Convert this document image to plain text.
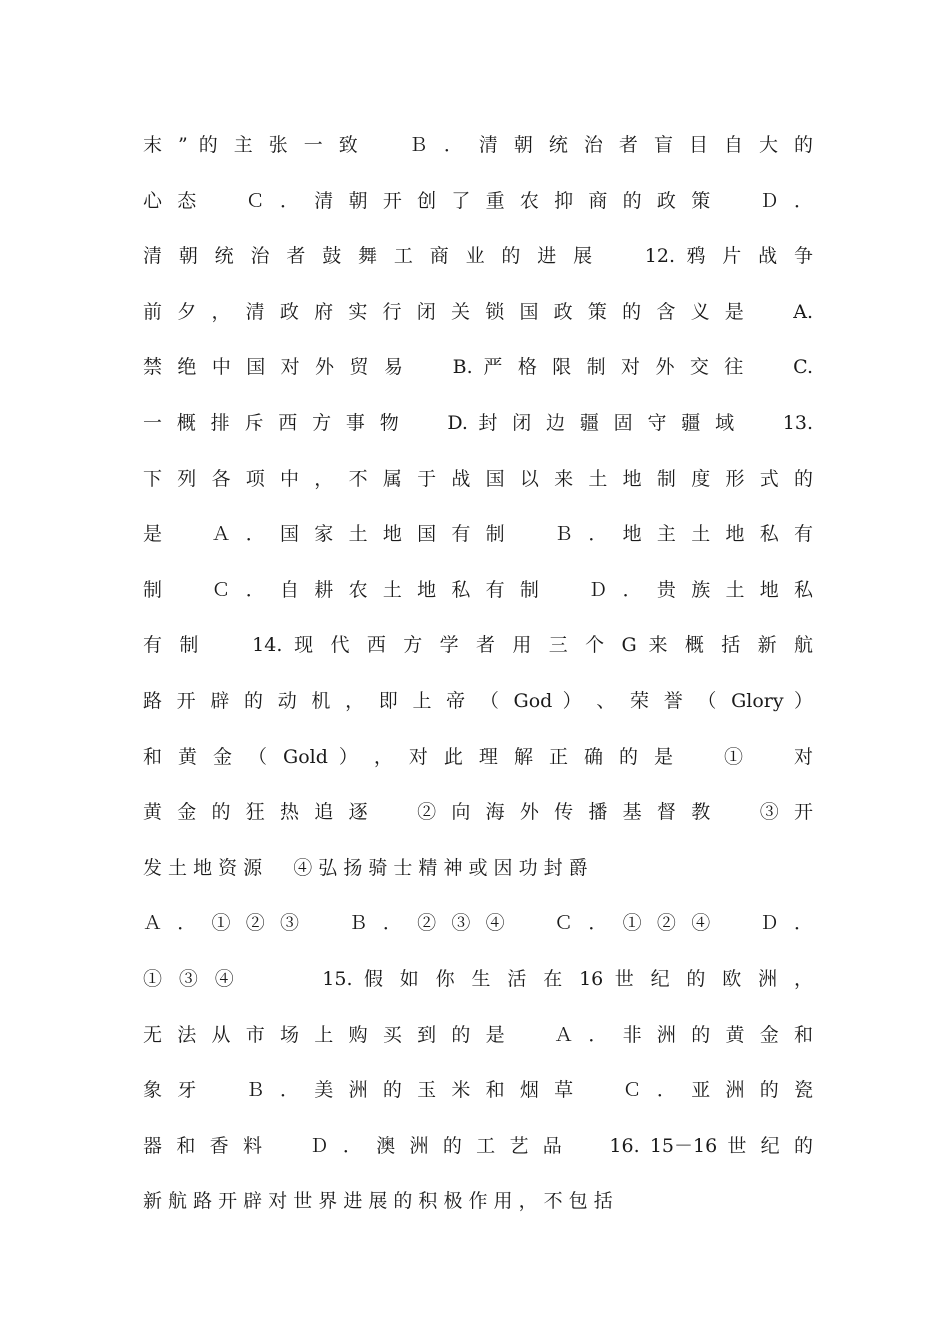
末 ” 的 主 张 一 致 　 Ｂ ． 清 朝 统 治 者 盲 目 自 大 的
心 态 　 Ｃ ． 清 朝 开 创 了 重 农 抑 商 的 政 策 　 Ｄ ．
清 朝 统 治 者 鼓 舞 工 商 业 的 进 展 　 12. 鸦 片 战 争
前 夕 ， 清 政 府 实 行 闭 关 锁 国 政 策 的 含 义 是 　 A.
禁 绝 中 国 对 外 贸 易 　 B. 严 格 限 制 对 外 交 往 　 C.
一 概 排 斥 西 方 事 物 　 D. 封 闭 边 疆 固 守 疆 域 　 13.
下 列 各 项 中 ， 不 属 于 战 国 以 来 土 地 制 度 形 式 的
是 　 Ａ ． 国 家 土 地 国 有 制 　 Ｂ ． 地 主 土 地 私 有
制 　 Ｃ ． 自 耕 农 土 地 私 有 制 　 Ｄ ． 贵 族 土 地 私
有 制 　 14. 现 代 西 方 学 者 用 三 个 G 来 概 括 新 航
路 开 辟 的 动 机 ， 即 上 帝 （ God ） 、 荣 誉 （ Glory ）
和 黄 金 （ Gold ） ， 对 此 理 解 正 确 的 是 　 ① 　 对
黄 金 的 狂 热 追 逐 　 ② 向 海 外 传 播 基 督 教 　 ③ 开
发 土 地 资 源 　 ④ 弘 扬 骑 士 精 神 或 因 功 封 爵
Ａ ． ① ② ③ 　 Ｂ ． ② ③ ④ 　 Ｃ ． ① ② ④ 　 Ｄ ．
① ③ ④ 　 　 15. 假 如 你 生 活 在 16 世 纪 的 欧 洲 ，
无 法 从 市 场 上 购 买 到 的 是 　 Ａ ． 非 洲 的 黄 金 和
象 牙 　 Ｂ ． 美 洲 的 玉 米 和 烟 草 　 Ｃ ． 亚 洲 的 瓷
器 和 香 料 　 Ｄ ． 澳 洲 的 工 艺 品 　 16. 15－16 世 纪 的
新 航 路 开 辟 对 世 界 进 展 的 积 极 作 用 ， 不 包 括
